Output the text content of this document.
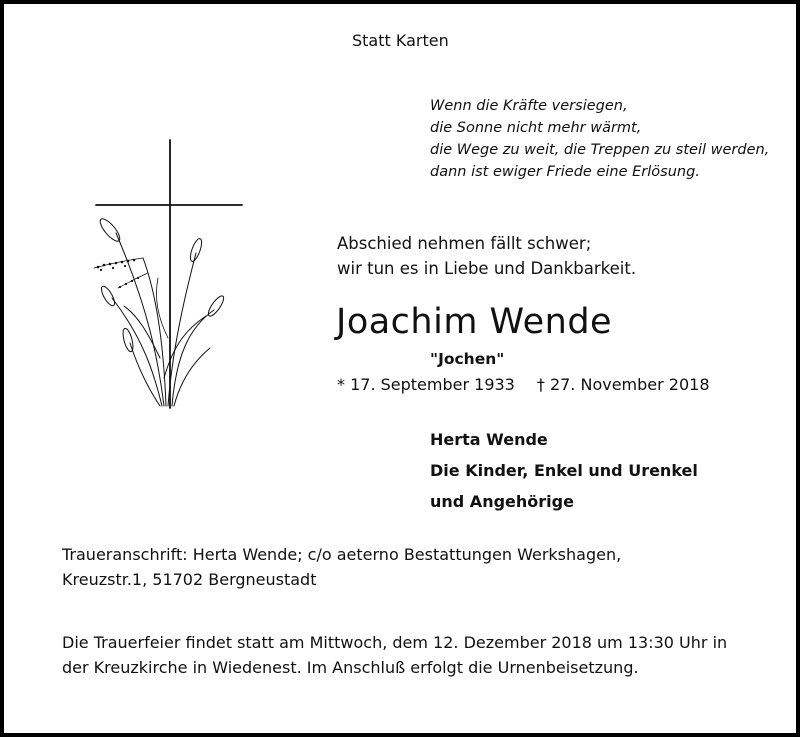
Statt Karten
Wenn die Kräfte versiegen,
die Sonne nicht mehr wärmt,
die Wege zu weit, die Treppen zu steil werden,
dann ist ewiger Friede eine Erlösung.
Abschied nehmen fällt schwer;
wir tun es in Liebe und Dankbarkeit.
Joachim Wende
"Jochen"
* 17. September 1933 † 27. November 2018
Herta Wende
Die Kinder, Enkel und Urenkel
und Angehörige
Traueranschrift: Herta Wende; c/o aeterno Bestattungen Werkshagen,
Kreuzstr.1, 51702 Bergneustadt
Die Trauerfeier findet statt am Mittwoch, dem 12. Dezember 2018 um 13:30 Uhr in
der Kreuzkirche in Wiedenest. Im Anschluß erfolgt die Urnenbeisetzung.
